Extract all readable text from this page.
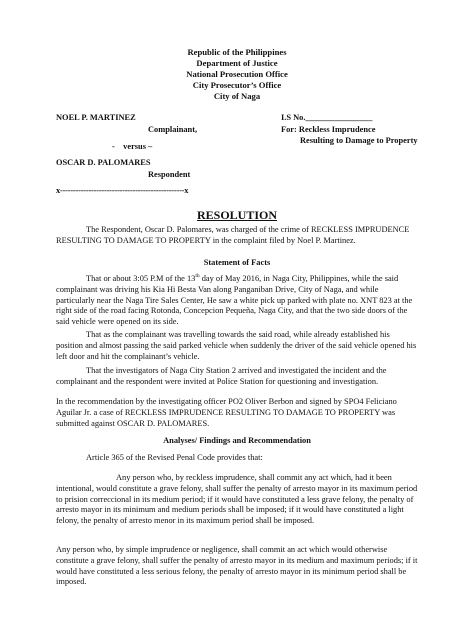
Republic of the Philippines
Department of Justice
National Prosecution Office
City Prosecutor’s Office
City of Naga
NOEL P. MARTINEZ
Complainant,
-    versus –
OSCAR D. PALOMARES
Respondent
x------------------------------------------------x
I.S No.________________
For: Reckless Imprudence
Resulting to Damage to Property
RESOLUTION

The Respondent, Oscar D. Palomares, was charged of the crime of RECKLESS IMPRUDENCE RESULTING TO DAMAGE TO PROPERTY in the complaint filed by Noel P. Martinez.

Statement of Facts

That or about 3:05 P.M of the 13th day of May 2016, in Naga City, Philippines, while the said complainant was driving his Kia Hi Besta Van along Panganiban Drive, City of Naga, and while particularly near the Naga Tire Sales Center, He saw a white pick up parked with plate no. XNT 823 at the right side of the road facing Rotonda, Concepcion Pequeña, Naga City, and that the two side doors of the said vehicle were opened on its side.

That as the complainant was travelling towards the said road, while already established his position and almost passing the said parked vehicle when suddenly the driver of the said vehicle opened his left door and hit the complainant’s vehicle.

That the investigators of Naga City Station 2 arrived and investigated the incident and the complainant and the respondent were invited at Police Station for questioning and investigation.

In the recommendation by the investigating officer PO2 Oliver Berbon and signed by SPO4 Feliciano Aguilar Jr. a case of RECKLESS IMPRUDENCE RESULTING TO DAMAGE TO PROPERTY was submitted against OSCAR D. PALOMARES.

Analyses/ Findings and Recommendation

Article 365 of the Revised Penal Code provides that:

Any person who, by reckless imprudence, shall commit any act which, had it been intentional, would constitute a grave felony, shall suffer the penalty of arresto mayor in its maximum period to prision correccional in its medium period; if it would have constituted a less grave felony, the penalty of arresto mayor in its minimum and medium periods shall be imposed; if it would have constituted a light felony, the penalty of arresto menor in its maximum period shall be imposed.

Any person who, by simple imprudence or negligence, shall commit an act which would otherwise constitute a grave felony, shall suffer the penalty of arresto mayor in its medium and maximum periods; if it would have constituted a less serious felony, the penalty of arresto mayor in its minimum period shall be imposed.
